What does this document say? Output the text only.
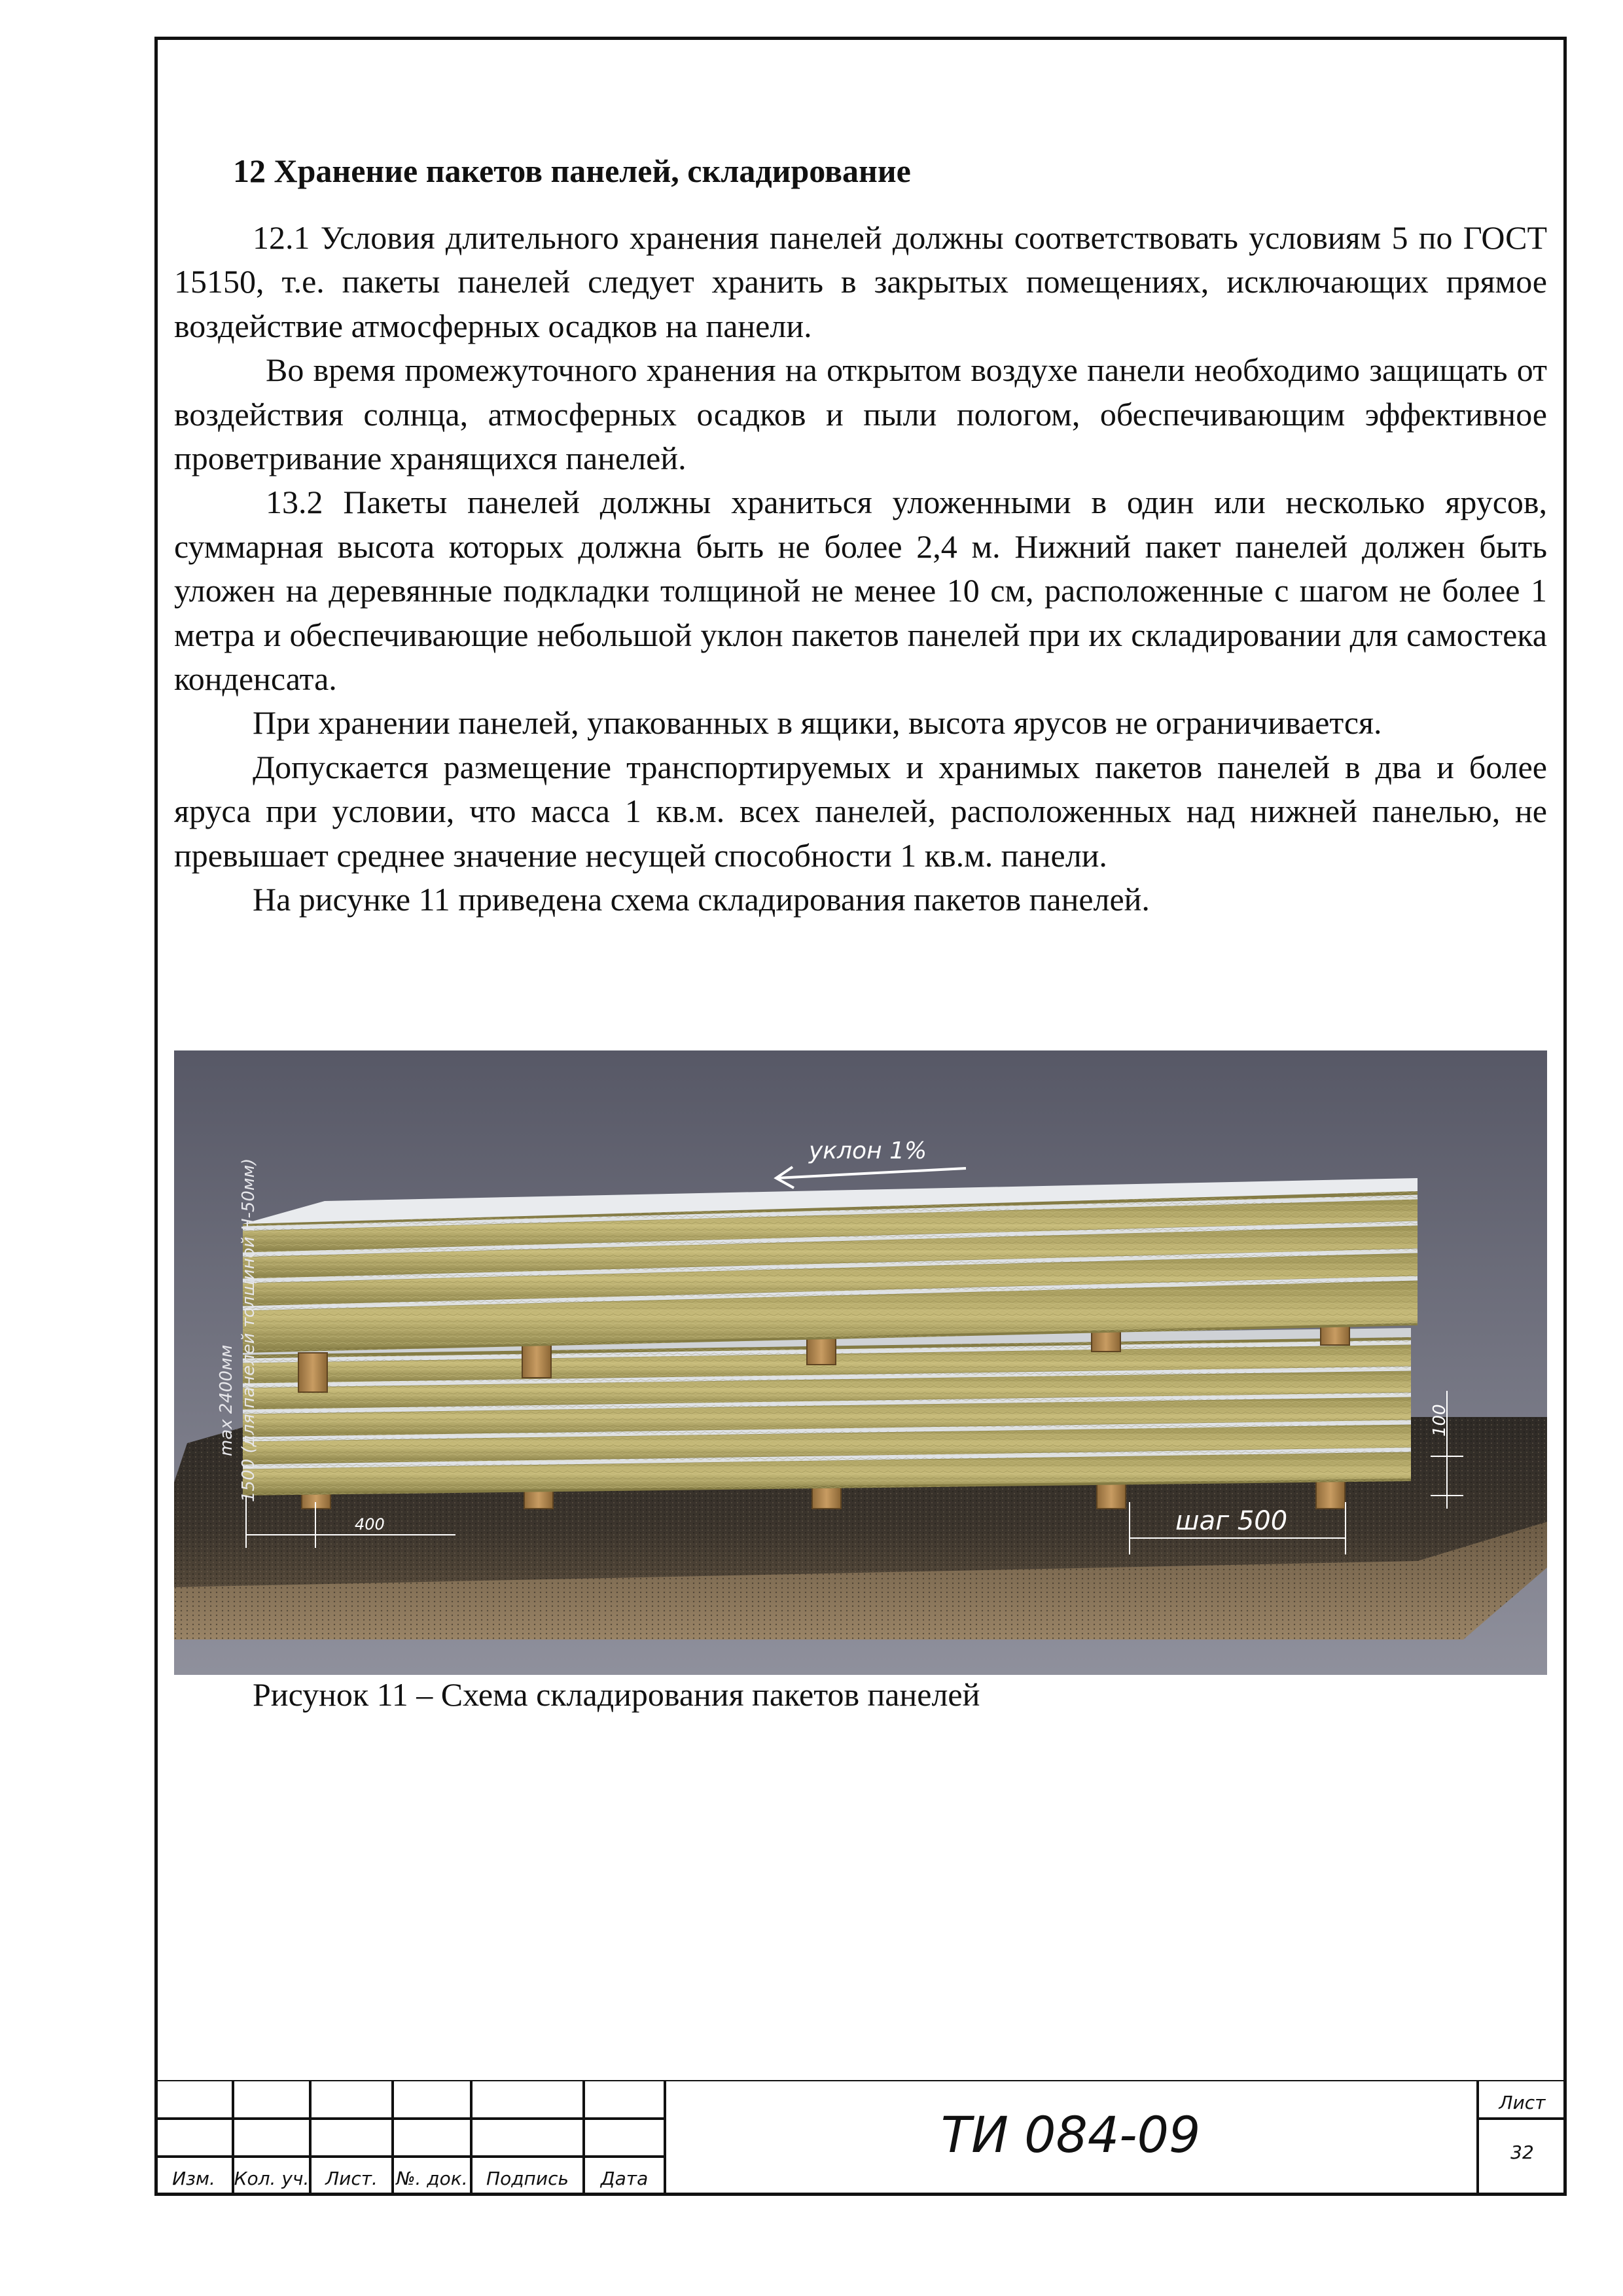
12 Хранение пакетов панелей, складирование

12.1 Условия длительного хранения панелей должны соответствовать условиям 5 по ГОСТ 15150, т.е. пакеты панелей следует хранить в закрытых помещениях, исключающих прямое воздействие атмосферных осадков на панели.

Во время промежуточного хранения на открытом воздухе панели необходимо защищать от воздействия солнца, атмосферных осадков и пыли пологом, обеспечивающим эффективное проветривание хранящихся панелей.

13.2 Пакеты панелей должны храниться уложенными в один или несколько ярусов, суммарная высота которых должна быть не более 2,4 м. Нижний пакет панелей должен быть уложен на деревянные подкладки толщиной не менее 10 см, расположенные с шагом не более 1 метра и обеспечивающие небольшой уклон пакетов панелей при их складировании для самостека конденсата.

При хранении панелей, упакованных в ящики, высота ярусов не ограничивается.

Допускается размещение транспортируемых и хранимых пакетов панелей в два и более яруса при условии, что масса 1 кв.м. всех панелей, расположенных над нижней панелью, не превышает среднее значение несущей способности 1 кв.м. панели.

На рисунке 11 приведена схема складирования пакетов панелей.

уклон 1%
max 2400мм 1500 (для панелей толщиной H-50мм)
400
100
шаг 500

Рисунок 11 – Схема складирования пакетов панелей

Изм. Кол. уч. Лист. №. док. Подпись Дата
Лист
32
ТИ 084-09
